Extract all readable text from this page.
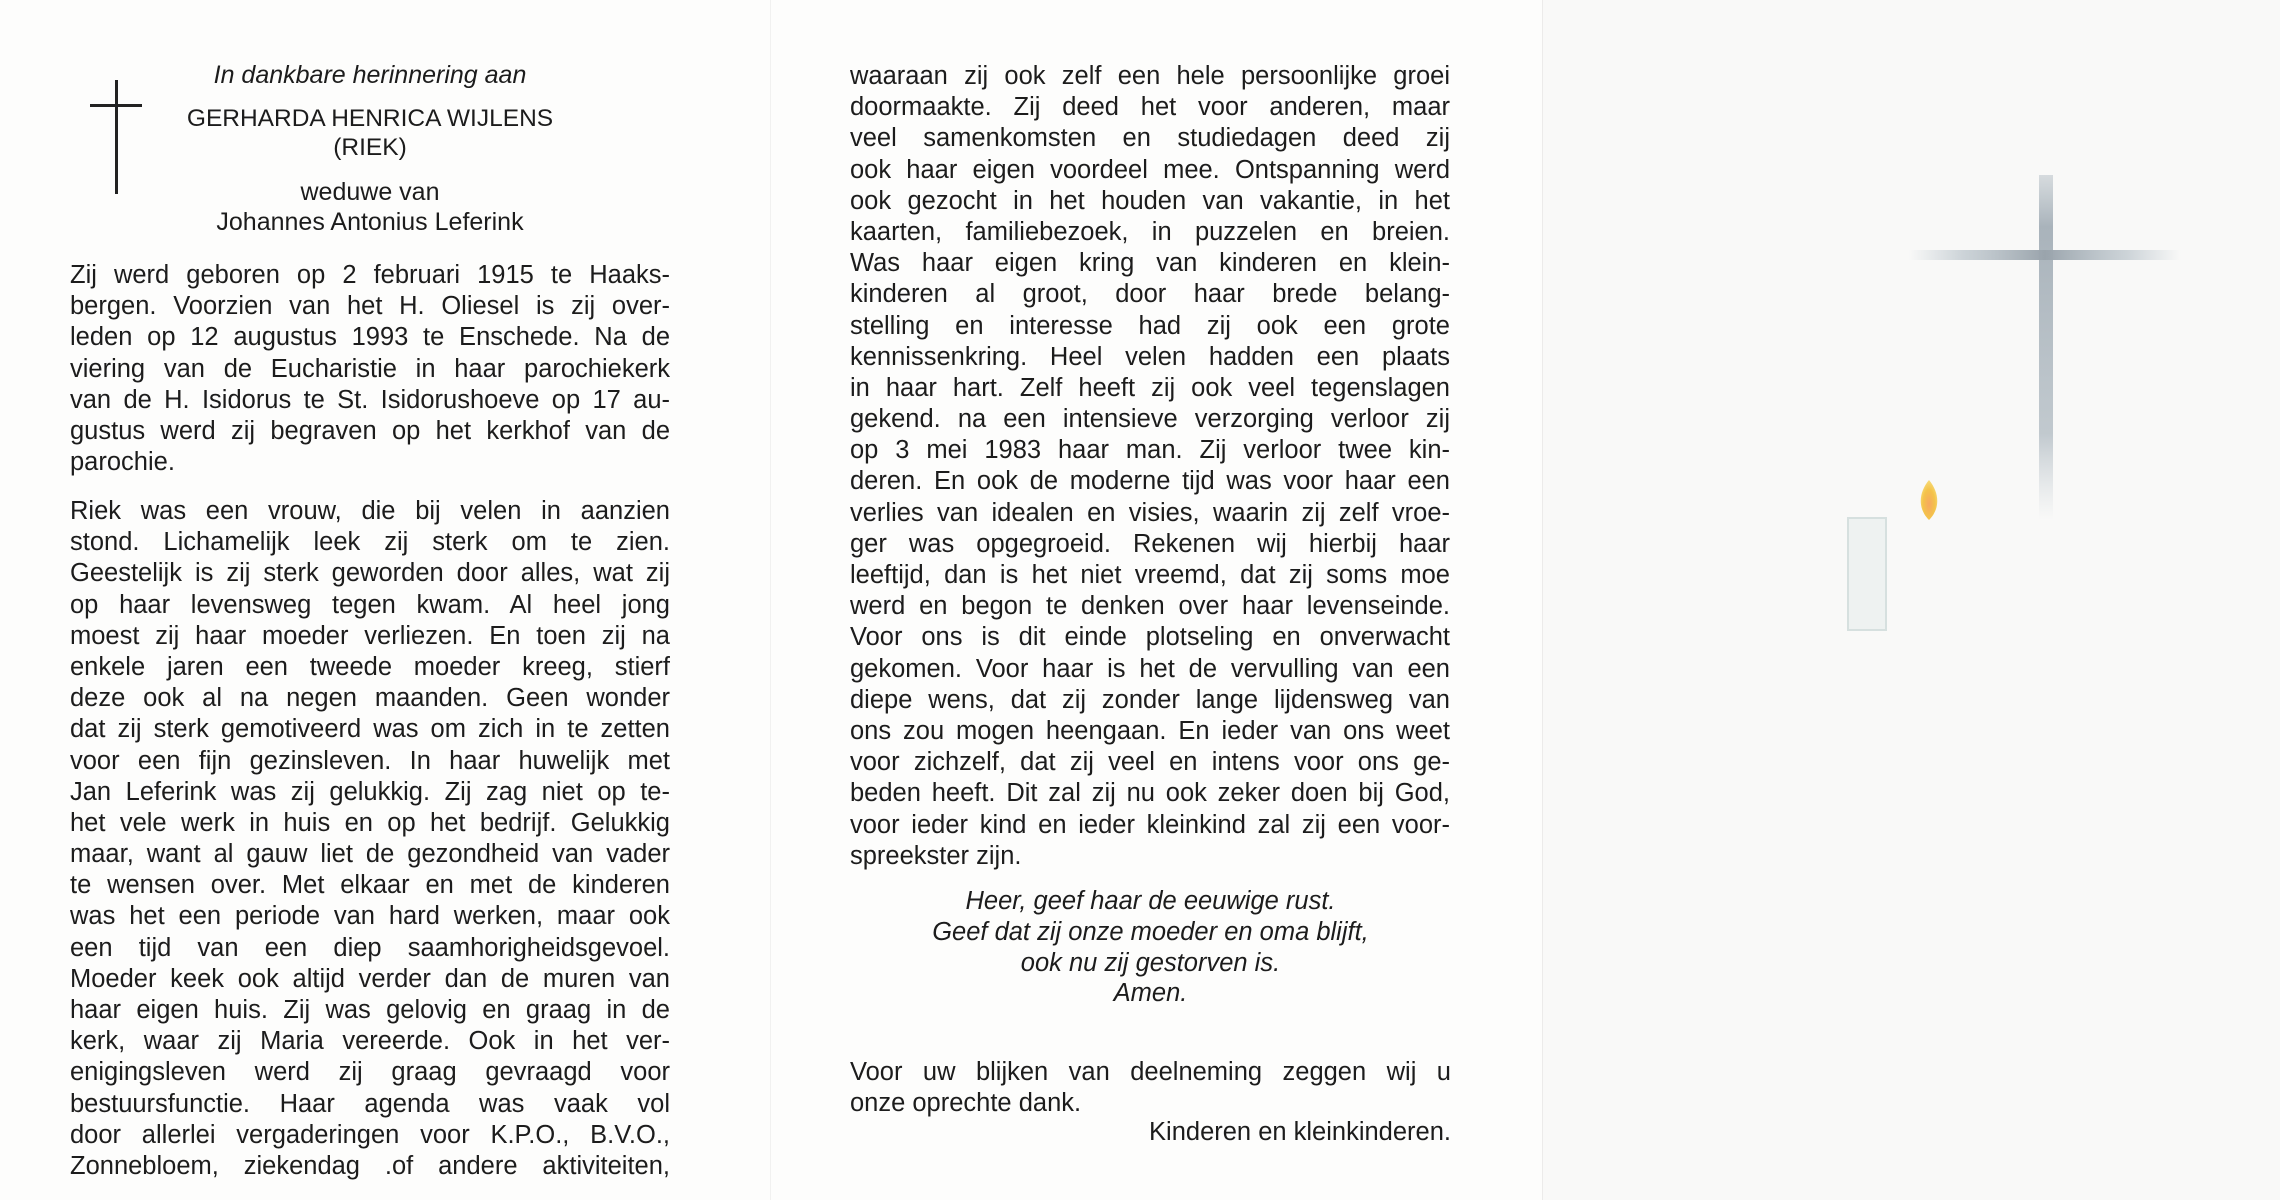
In dankbare herinnering aan
GERHARDA HENRICA WIJLENS
(RIEK)
weduwe van
Johannes Antonius Leferink
Zij werd geboren op 2 februari 1915 te Haaks-
bergen. Voorzien van het H. Oliesel is zij over-
leden op 12 augustus 1993 te Enschede. Na de
viering van de Eucharistie in haar parochiekerk
van de H. Isidorus te St. Isidorushoeve op 17 au-
gustus werd zij begraven op het kerkhof van de
parochie.
Riek was een vrouw, die bij velen in aanzien
stond. Lichamelijk leek zij sterk om te zien.
Geestelijk is zij sterk geworden door alles, wat zij
op haar levensweg tegen kwam. Al heel jong
moest zij haar moeder verliezen. En toen zij na
enkele jaren een tweede moeder kreeg, stierf
deze ook al na negen maanden. Geen wonder
dat zij sterk gemotiveerd was om zich in te zetten
voor een fijn gezinsleven. In haar huwelijk met
Jan Leferink was zij gelukkig. Zij zag niet op te-
het vele werk in huis en op het bedrijf. Gelukkig
maar, want al gauw liet de gezondheid van vader
te wensen over. Met elkaar en met de kinderen
was het een periode van hard werken, maar ook
een tijd van een diep saamhorigheidsgevoel.
Moeder keek ook altijd verder dan de muren van
haar eigen huis. Zij was gelovig en graag in de
kerk, waar zij Maria vereerde. Ook in het ver-
enigingsleven werd zij graag gevraagd voor
bestuursfunctie. Haar agenda was vaak vol
door allerlei vergaderingen voor K.P.O., B.V.O.,
Zonnebloem, ziekendag .of andere aktiviteiten,
waaraan zij ook zelf een hele persoonlijke groei
doormaakte. Zij deed het voor anderen, maar
veel samenkomsten en studiedagen deed zij
ook haar eigen voordeel mee. Ontspanning werd
ook gezocht in het houden van vakantie, in het
kaarten, familiebezoek, in puzzelen en breien.
Was haar eigen kring van kinderen en klein-
kinderen al groot, door haar brede belang-
stelling en interesse had zij ook een grote
kennissenkring. Heel velen hadden een plaats
in haar hart. Zelf heeft zij ook veel tegenslagen
gekend. na een intensieve verzorging verloor zij
op 3 mei 1983 haar man. Zij verloor twee kin-
deren. En ook de moderne tijd was voor haar een
verlies van idealen en visies, waarin zij zelf vroe-
ger was opgegroeid. Rekenen wij hierbij haar
leeftijd, dan is het niet vreemd, dat zij soms moe
werd en begon te denken over haar levenseinde.
Voor ons is dit einde plotseling en onverwacht
gekomen. Voor haar is het de vervulling van een
diepe wens, dat zij zonder lange lijdensweg van
ons zou mogen heengaan. En ieder van ons weet
voor zichzelf, dat zij veel en intens voor ons ge-
beden heeft. Dit zal zij nu ook zeker doen bij God,
voor ieder kind en ieder kleinkind zal zij een voor-
spreekster zijn.
Heer, geef haar de eeuwige rust.
Geef dat zij onze moeder en oma blijft,
ook nu zij gestorven is.
Amen.
Voor uw blijken van deelneming zeggen wij u
onze oprechte dank.
Kinderen en kleinkinderen.
